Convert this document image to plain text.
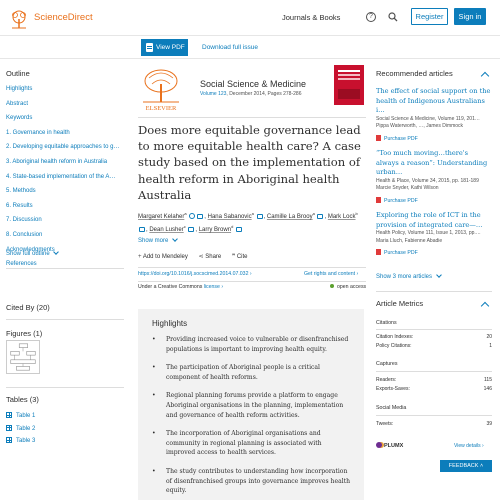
ScienceDirect	Journals & Books	?	Register	Sign in
View PDF	Download full issue
Outline
Highlights
Abstract
Keywords
1. Governance in health
2. Developing equitable approaches to g…
3. Aboriginal health reform in Australia
4. State-based implementation of the A…
5. Methods
6. Results
7. Discussion
8. Conclusion
Acknowledgments
References
Show full outline
Cited By (20)
Figures (1)
Tables (3)
Table 1
Table 2
Table 3
ELSEVIER
Social Science & Medicine
Volume 123, December 2014, Pages 278-286
Does more equitable governance lead to more equitable health care? A case study based on the implementation of health reform in Aboriginal health Australia
Margaret Kelaher$^a$ , Hana Sabanovic$^a$ , Camille La Brooy$^a$ , Mark Lock$^b$ , Dean Lusher$^c$ , Larry Brown$^d$
Show more
+ Add to Mendeley ⋖ Share ❞ Cite
https://doi.org/10.1016/j.socscimed.2014.07.032 ›	Get rights and content ›
Under a Creative Commons license ›	open access
Highlights
• Providing increased voice to vulnerable or disenfranchised populations is important to improving health equity.
• The participation of Aboriginal people is a critical component of health reforms.
• Regional planning forums provide a platform to engage Aboriginal organisations in the planning, implementation and governance of health reform activities.
• The incorporation of Aboriginal organisations and community in regional planning is associated with improved access to health services.
• The study contributes to understanding how incorporation of disenfranchised groups into governance improves health equity.
Recommended articles
The effect of social support on the health of Indigenous Australians i…
Social Science & Medicine, Volume 119, 201…
Pippa Waterworth, …, James Dimmock
Purchase PDF
“Too much moving…there's always a reason”: Understanding urban…
Health & Place, Volume 34, 2015, pp. 181-189
Marcie Snyder, Kathi Wilson
Purchase PDF
Exploring the role of ICT in the provision of integrated care—…
Health Policy, Volume 111, Issue 1, 2013, pp.…
Maria Lluch, Fabienne Abadie
Purchase PDF
Show 3 more articles
Article Metrics
Citations
Citation Indexes:	20
Policy Citations:	1
Captures
Readers:	115
Exports-Saves:	146
Social Media
Tweets:	39
PLUMX	View details ›
FEEDBACK ˄
